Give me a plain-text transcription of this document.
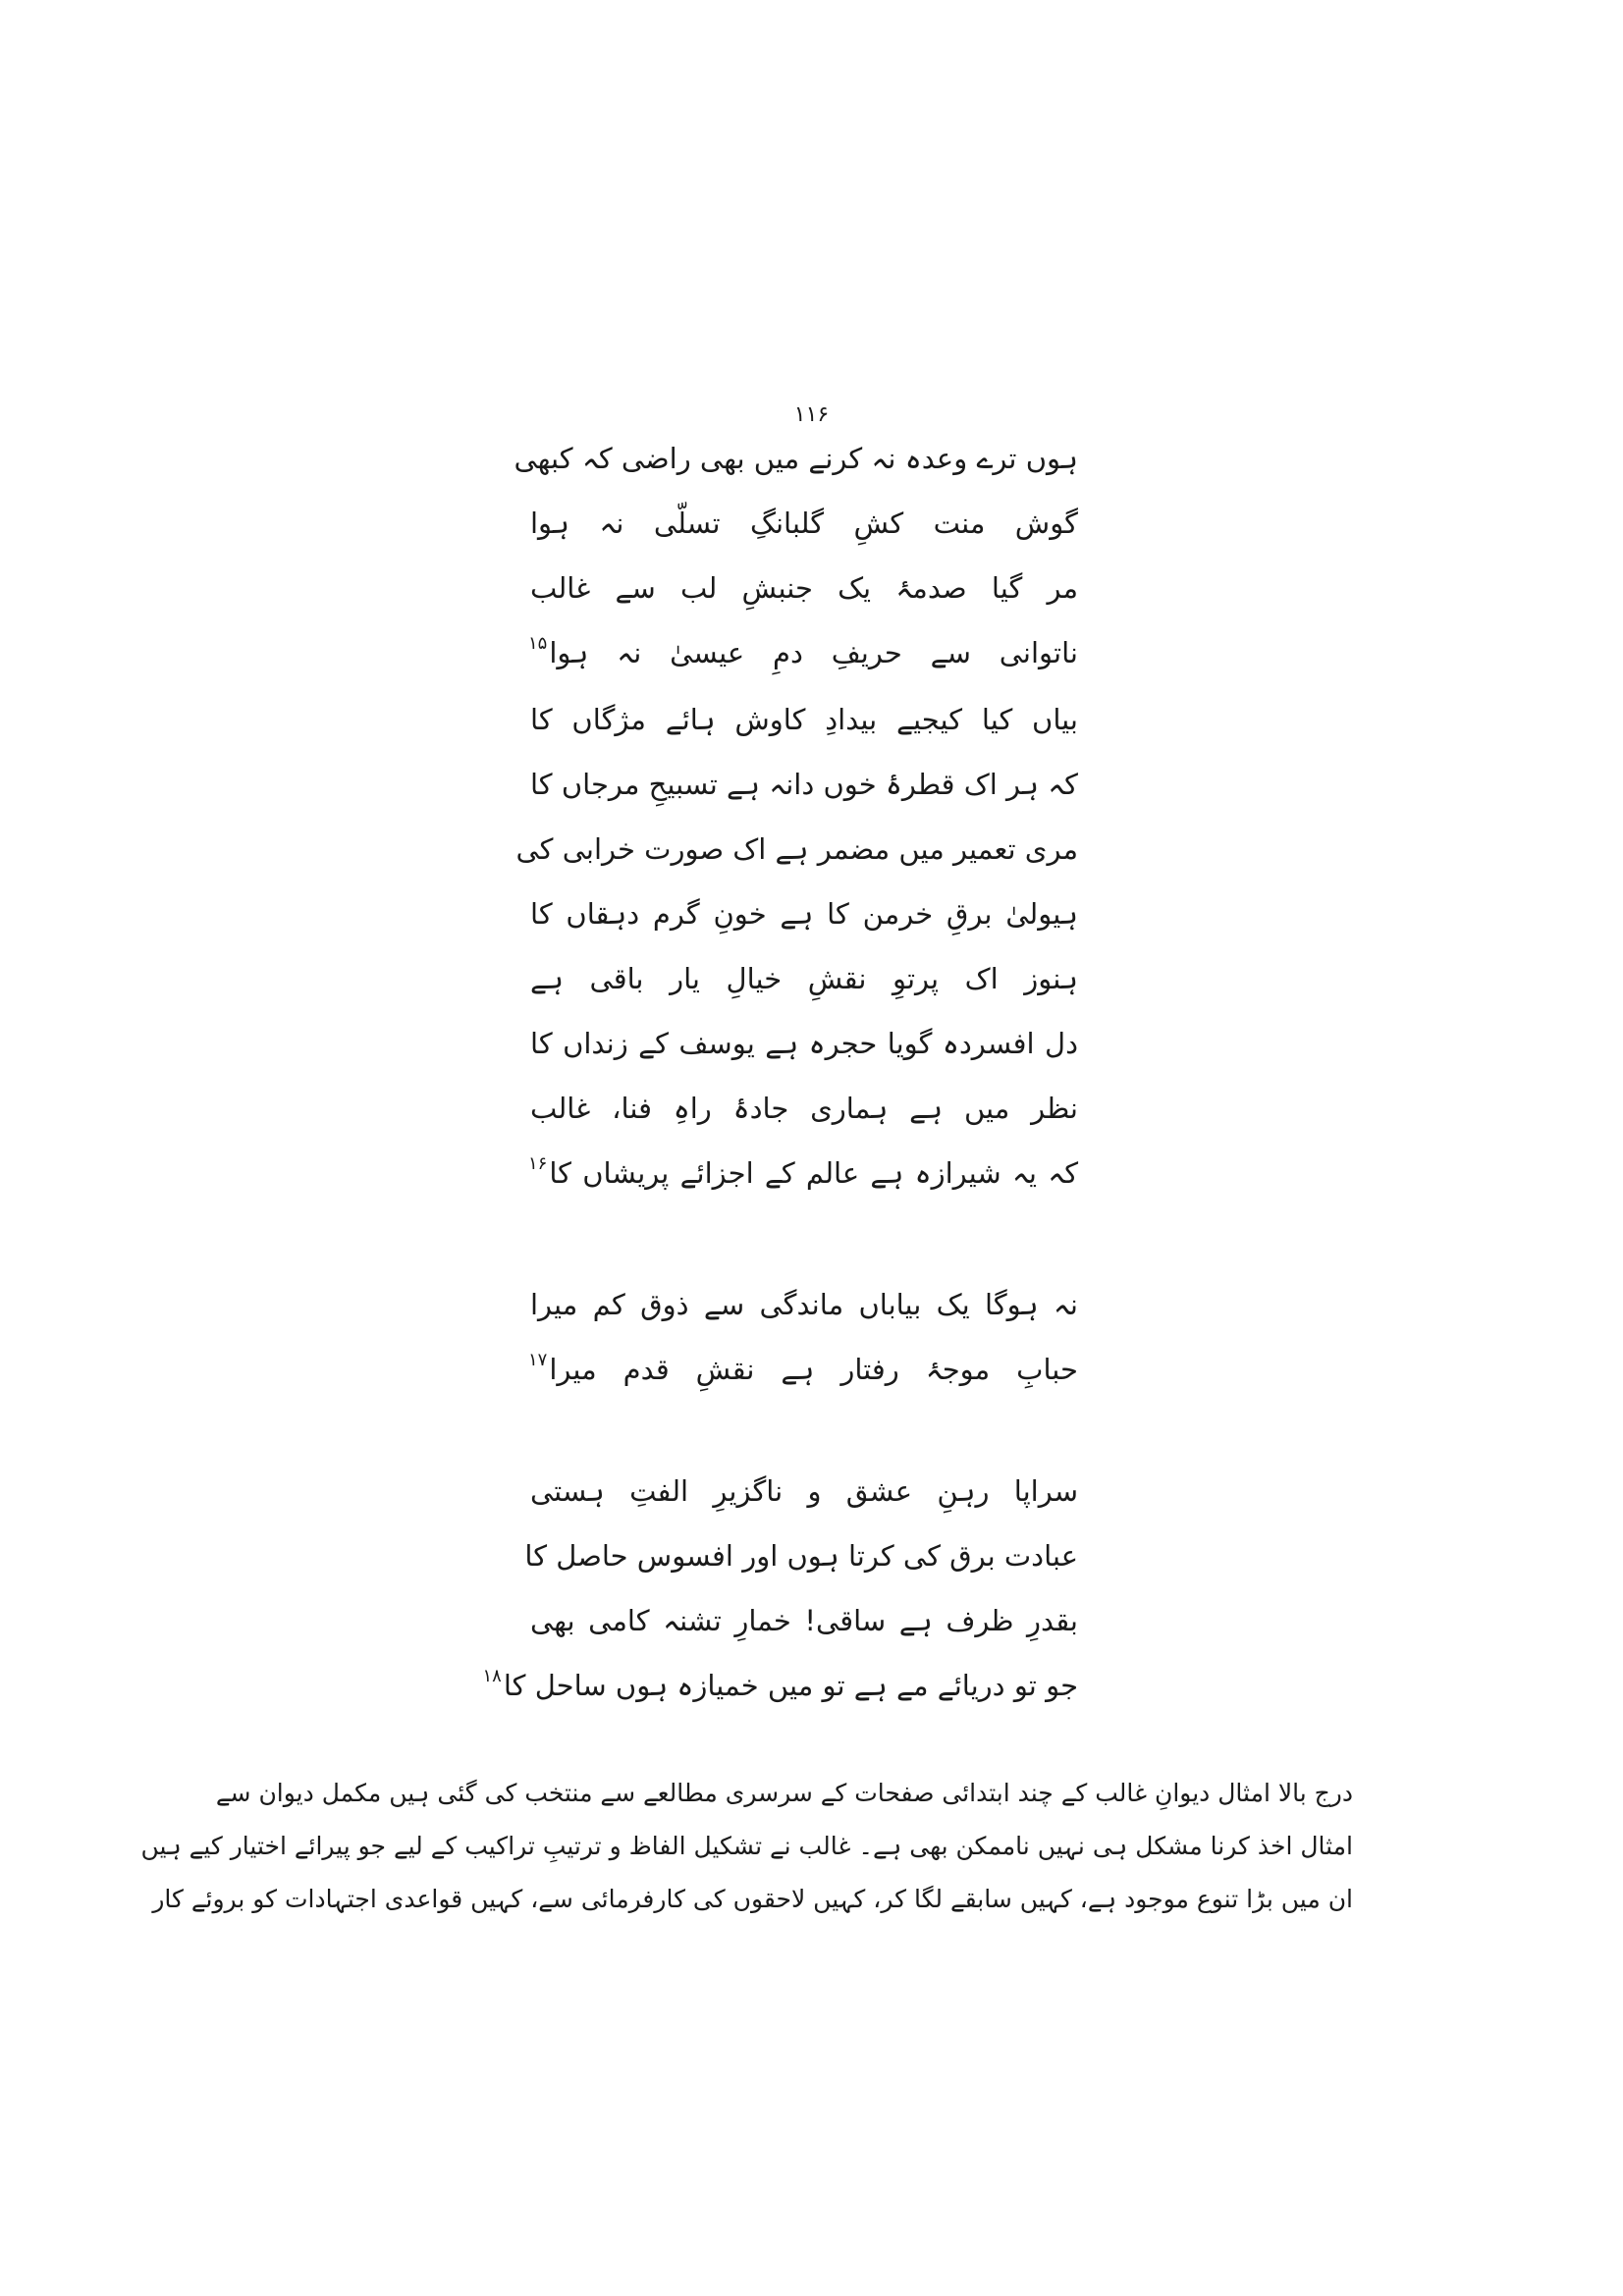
۱۱۶
ہوں ترے وعدہ نہ کرنے میں بھی راضی کہ کبھی
گوش منت کشِ گلبانگِ تسلّی نہ ہوا
مر گیا صدمۂ یک جنبشِ لب سے غالب
ناتوانی سے حریفِ دمِ عیسیٰ نہ ہوا$^{۱۵}$
بیاں کیا کیجیے بیدادِ کاوش ہائے مژگاں کا
کہ ہر اک قطرۂ خوں دانہ ہے تسبیحِ مرجاں کا
مری تعمیر میں مضمر ہے اک صورت خرابی کی
ہیولیٰ برقِ خرمن کا ہے خونِ گرم دہقاں کا
ہنوز اک پرتوِ نقشِ خیالِ یار باقی ہے
دل افسردہ گویا حجرہ ہے یوسف کے زنداں کا
نظر میں ہے ہماری جادۂ راہِ فنا، غالب
کہ یہ شیرازہ ہے عالم کے اجزائے پریشاں کا$^{۱۶}$
نہ ہوگا یک بیاباں ماندگی سے ذوق کم میرا
حبابِ موجۂ رفتار ہے نقشِ قدم میرا$^{۱۷}$
سراپا رہنِ عشق و ناگزیرِ الفتِ ہستی
عبادت برق کی کرتا ہوں اور افسوس حاصل کا
بقدرِ ظرف ہے ساقی! خمارِ تشنہ کامی بھی
جو تو دریائے مے ہے تو میں خمیازہ ہوں ساحل کا$^{۱۸}$
درج بالا امثال دیوانِ غالب کے چند ابتدائی صفحات کے سرسری مطالعے سے منتخب کی گئی ہیں مکمل دیوان سے
امثال اخذ کرنا مشکل ہی نہیں ناممکن بھی ہے۔ غالب نے تشکیل الفاظ و ترتیبِ تراکیب کے لیے جو پیرائے اختیار کیے ہیں
ان میں بڑا تنوع موجود ہے، کہیں سابقے لگا کر، کہیں لاحقوں کی کارفرمائی سے، کہیں قواعدی اجتہادات کو بروئے کار
